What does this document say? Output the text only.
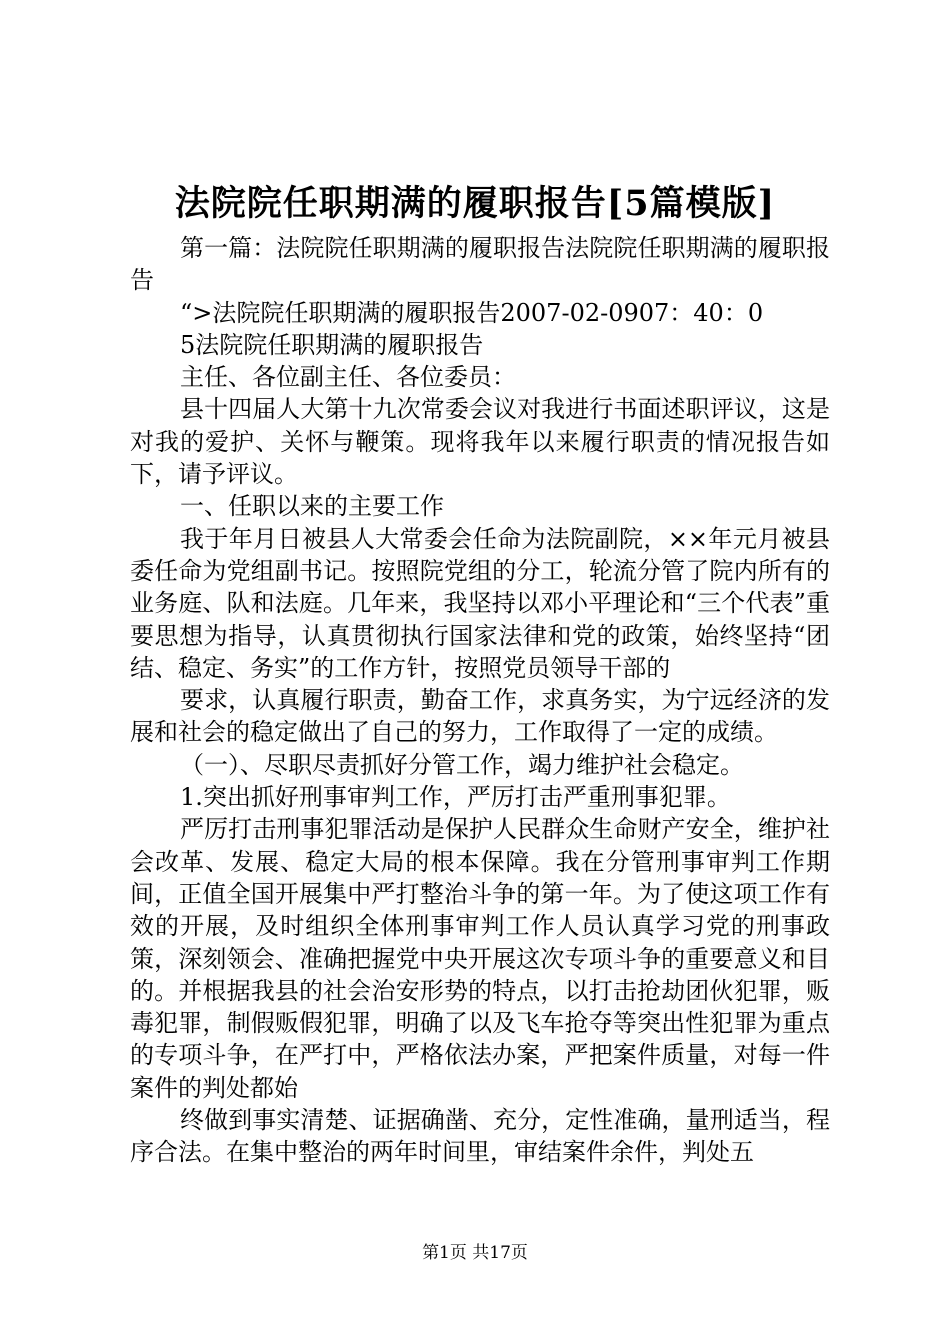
法院院任职期满的履职报告[5篇模版]

第一篇：法院院任职期满的履职报告法院院任职期满的履职报告

“>法院院任职期满的履职报告2007-02-0907：40：0

5法院院任职期满的履职报告

主任、各位副主任、各位委员：

县十四届人大第十九次常委会议对我进行书面述职评议，这是对我的爱护、关怀与鞭策。现将我年以来履行职责的情况报告如下，请予评议。

一、任职以来的主要工作

我于年月日被县人大常委会任命为法院副院，××年元月被县委任命为党组副书记。按照院党组的分工，轮流分管了院内所有的业务庭、队和法庭。几年来，我坚持以邓小平理论和“三个代表”重要思想为指导，认真贯彻执行国家法律和党的政策，始终坚持“团结、稳定、务实”的工作方针，按照党员领导干部的

要求，认真履行职责，勤奋工作，求真务实，为宁远经济的发展和社会的稳定做出了自己的努力，工作取得了一定的成绩。

（一）、尽职尽责抓好分管工作，竭力维护社会稳定。

1.突出抓好刑事审判工作，严厉打击严重刑事犯罪。

严厉打击刑事犯罪活动是保护人民群众生命财产安全，维护社会改革、发展、稳定大局的根本保障。我在分管刑事审判工作期间，正值全国开展集中严打整治斗争的第一年。为了使这项工作有效的开展，及时组织全体刑事审判工作人员认真学习党的刑事政策，深刻领会、准确把握党中央开展这次专项斗争的重要意义和目的。并根据我县的社会治安形势的特点，以打击抢劫团伙犯罪，贩毒犯罪，制假贩假犯罪，明确了以及飞车抢夺等突出性犯罪为重点的专项斗争，在严打中，严格依法办案，严把案件质量，对每一件案件的判处都始

终做到事实清楚、证据确凿、充分，定性准确，量刑适当，程序合法。在集中整治的两年时间里，审结案件余件，判处五

第1页 共17页
